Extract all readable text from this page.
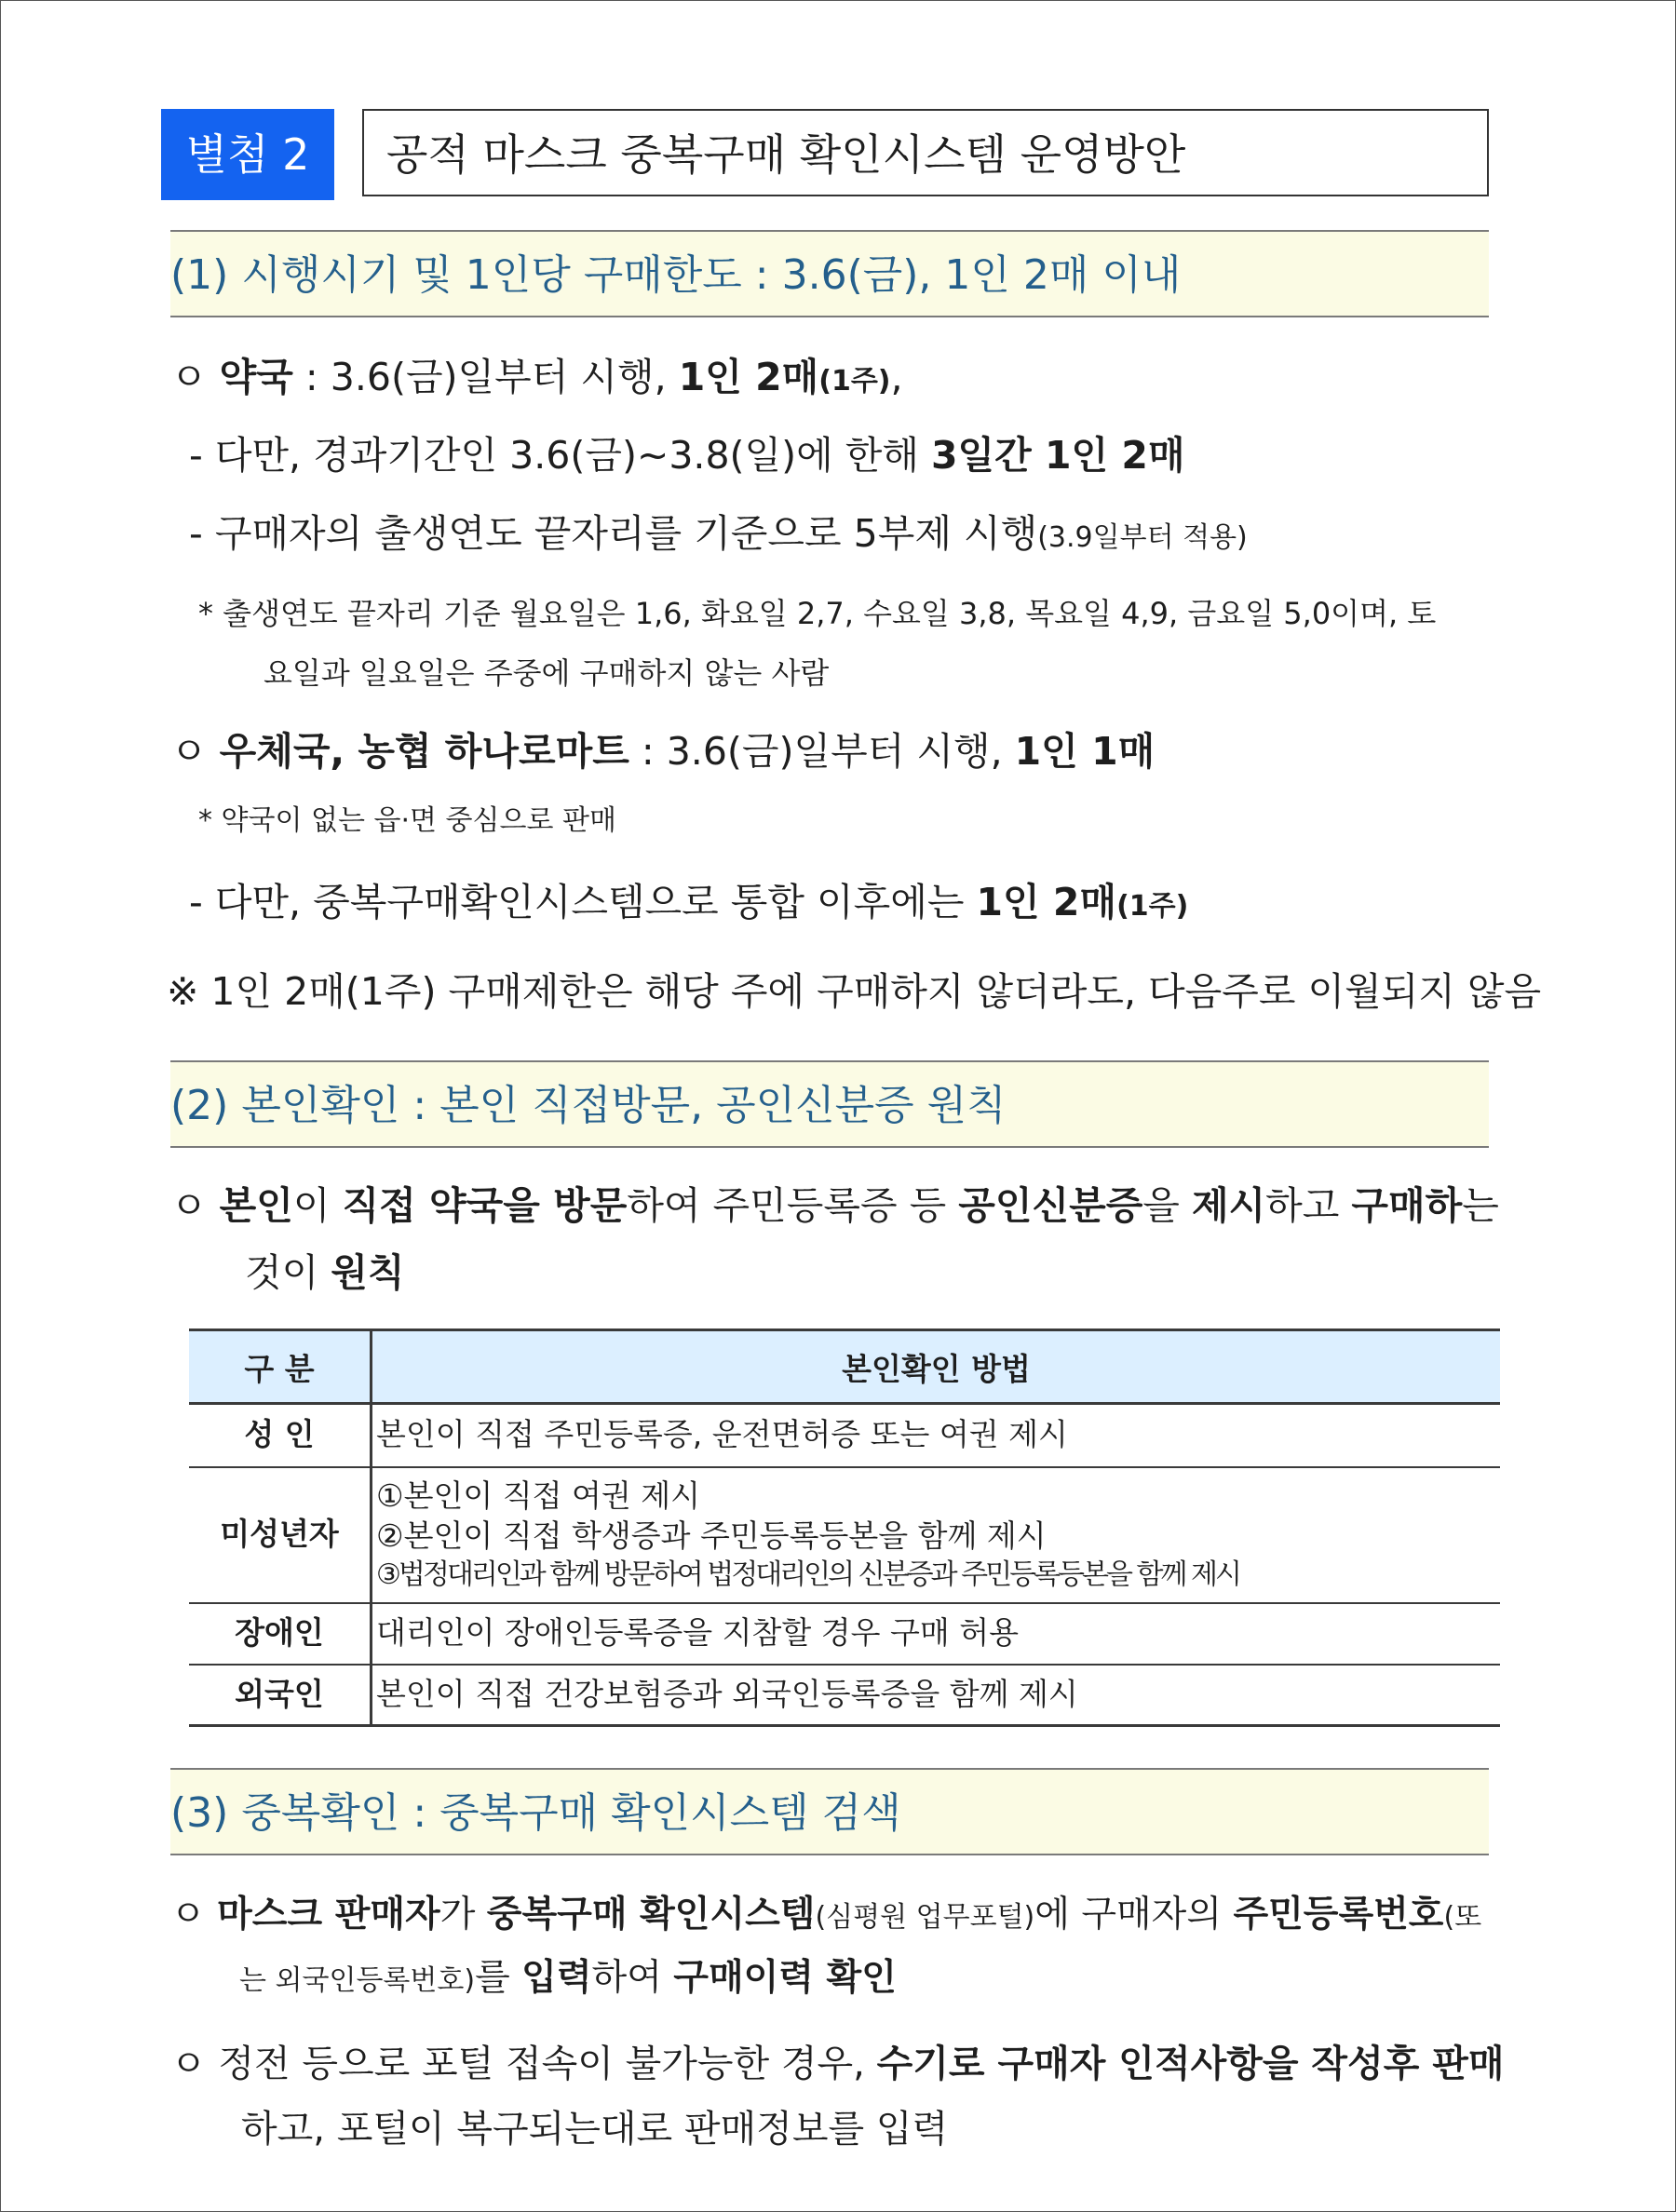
별첨 2	공적 마스크 중복구매 확인시스템 운영방안
(1) 시행시기 및 1인당 구매한도 : 3.6(금), 1인 2매 이내
ㅇ 약국 : 3.6(금)일부터 시행, 1인 2매(1주),
- 다만, 경과기간인 3.6(금)~3.8(일)에 한해 3일간 1인 2매
- 구매자의 출생연도 끝자리를 기준으로 5부제 시행(3.9일부터 적용)
* 출생연도 끝자리 기준 월요일은 1,6, 화요일 2,7, 수요일 3,8, 목요일 4,9, 금요일 5,0이며, 토
요일과 일요일은 주중에 구매하지 않는 사람
ㅇ 우체국, 농협 하나로마트 : 3.6(금)일부터 시행, 1인 1매
* 약국이 없는 읍·면 중심으로 판매
- 다만, 중복구매확인시스템으로 통합 이후에는 1인 2매(1주)
※ 1인 2매(1주) 구매제한은 해당 주에 구매하지 않더라도, 다음주로 이월되지 않음
(2) 본인확인 : 본인 직접방문, 공인신분증 원칙
ㅇ 본인이 직접 약국을 방문하여 주민등록증 등 공인신분증을 제시하고 구매하는
것이 원칙
구 분	본인확인 방법
성 인	본인이 직접 주민등록증, 운전면허증 또는 여권 제시
미성년자	①본인이 직접 여권 제시
②본인이 직접 학생증과 주민등록등본을 함께 제시
③법정대리인과 함께 방문하여 법정대리인의 신분증과 주민등록등본을 함께 제시

장애인	대리인이 장애인등록증을 지참할 경우 구매 허용
외국인	본인이 직접 건강보험증과 외국인등록증을 함께 제시
(3) 중복확인 : 중복구매 확인시스템 검색
ㅇ 마스크 판매자가 중복구매 확인시스템(심평원 업무포털)에 구매자의 주민등록번호(또
는 외국인등록번호)를 입력하여 구매이력 확인
ㅇ 정전 등으로 포털 접속이 불가능한 경우, 수기로 구매자 인적사항을 작성후 판매
하고, 포털이 복구되는대로 판매정보를 입력
